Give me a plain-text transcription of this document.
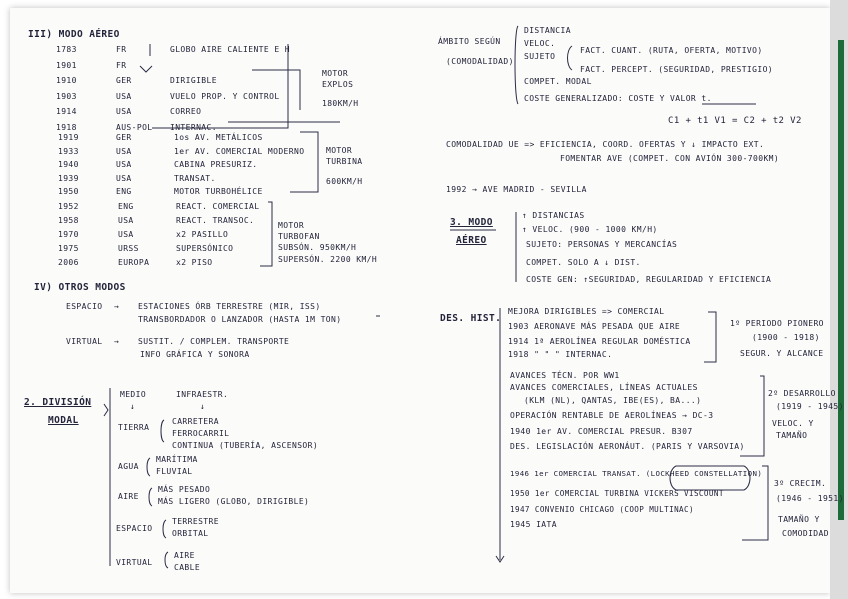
III) MODO AÉREO
1783	FR	GLOBO AIRE CALIENTE E H
1901	FR
1910	GER	DIRIGIBLE
1903	USA	VUELO PROP. Y CONTROL
1914	USA	CORREO
1918	AUS-POL INTERNAC.
MOTOR
EXPLOS
180KM/H
1919	GER	1os AV. METÁLICOS
1933	USA	1er AV. COMERCIAL MODERNO
1940	USA	CABINA PRESURIZ.
1939	USA	TRANSAT.
1950	ENG	MOTOR TURBOHÉLICE
MOTOR
TURBINA
600KM/H
1952	ENG	REACT. COMERCIAL
1958	USA	REACT. TRANSOC.
1970	USA	x2 PASILLO
1975	URSS	SUPERSÓNICO
2006	EUROPA	x2 PISO
MOTOR
TURBOFAN
SUBSÓN. 950KM/H
SUPERSÓN. 2200 KM/H
IV) OTROS MODOS
ESPACIO → ESTACIONES ÓRB TERRESTRE (MIR, ISS)
TRANSBORDADOR O LANZADOR (HASTA 1M TON)
VIRTUAL → SUSTIT. / COMPLEM. TRANSPORTE
INFO GRÁFICA Y SONORA
2. DIVISIÓN
MODAL
MEDIO
↓
INFRAESTR.
↓
TIERRA
CARRETERA
FERROCARRIL
CONTINUA (TUBERÍA, ASCENSOR)
AGUA
MARÍTIMA
FLUVIAL
AIRE
MÁS PESADO
MÁS LIGERO (GLOBO, DIRIGIBLE)
ESPACIO
TERRESTRE
ORBITAL
VIRTUAL
AIRE
CABLE
ÁMBITO SEGÚN
(COMODALIDAD)
DISTANCIA
VELOC.
SUJETO
FACT. CUANT. (RUTA, OFERTA, MOTIVO)
FACT. PERCEPT. (SEGURIDAD, PRESTIGIO)
COMPET. MODAL
COSTE GENERALIZADO: COSTE Y VALOR t.
C1 + t1 V1 = C2 + t2 V2
COMODALIDAD UE => EFICIENCIA, COORD. OFERTAS Y ↓ IMPACTO EXT.
FOMENTAR AVE (COMPET. CON AVIÓN 300-700KM)
1992 → AVE MADRID - SEVILLA
3. MODO
AÉREO
↑ DISTANCIAS
↑ VELOC. (900 - 1000 KM/H)
SUJETO: PERSONAS Y MERCANCÍAS
COMPET. SOLO A ↓ DIST.
COSTE GEN: ↑SEGURIDAD, REGULARIDAD Y EFICIENCIA
DES. HIST.
MEJORA DIRIGIBLES => COMERCIAL
1903 AERONAVE MÁS PESADA QUE AIRE
1914 1ª AEROLÍNEA REGULAR DOMÉSTICA
1918 " " " INTERNAC.
1º PERIODO PIONERO
(1900 - 1918)
SEGUR. Y ALCANCE
AVANCES TÉCN. POR WW1
AVANCES COMERCIALES, LÍNEAS ACTUALES
(KLM (NL), QANTAS, IBE(ES), BA...)
OPERACIÓN RENTABLE DE AEROLÍNEAS → DC-3
1940 1er AV. COMERCIAL PRESUR. B307
DES. LEGISLACIÓN AERONÁUT. (PARIS Y VARSOVIA)
2º DESARROLLO
(1919 - 1945)
VELOC. Y
TAMAÑO
1946 1er COMERCIAL TRANSAT. (LOCKHEED CONSTELLATION)
1950 1er COMERCIAL TURBINA VICKERS VISCOUNT
1947 CONVENIO CHICAGO (COOP MULTINAC)
1945 IATA
3º CRECIM.
(1946 - 1951)
TAMAÑO Y
COMODIDAD
